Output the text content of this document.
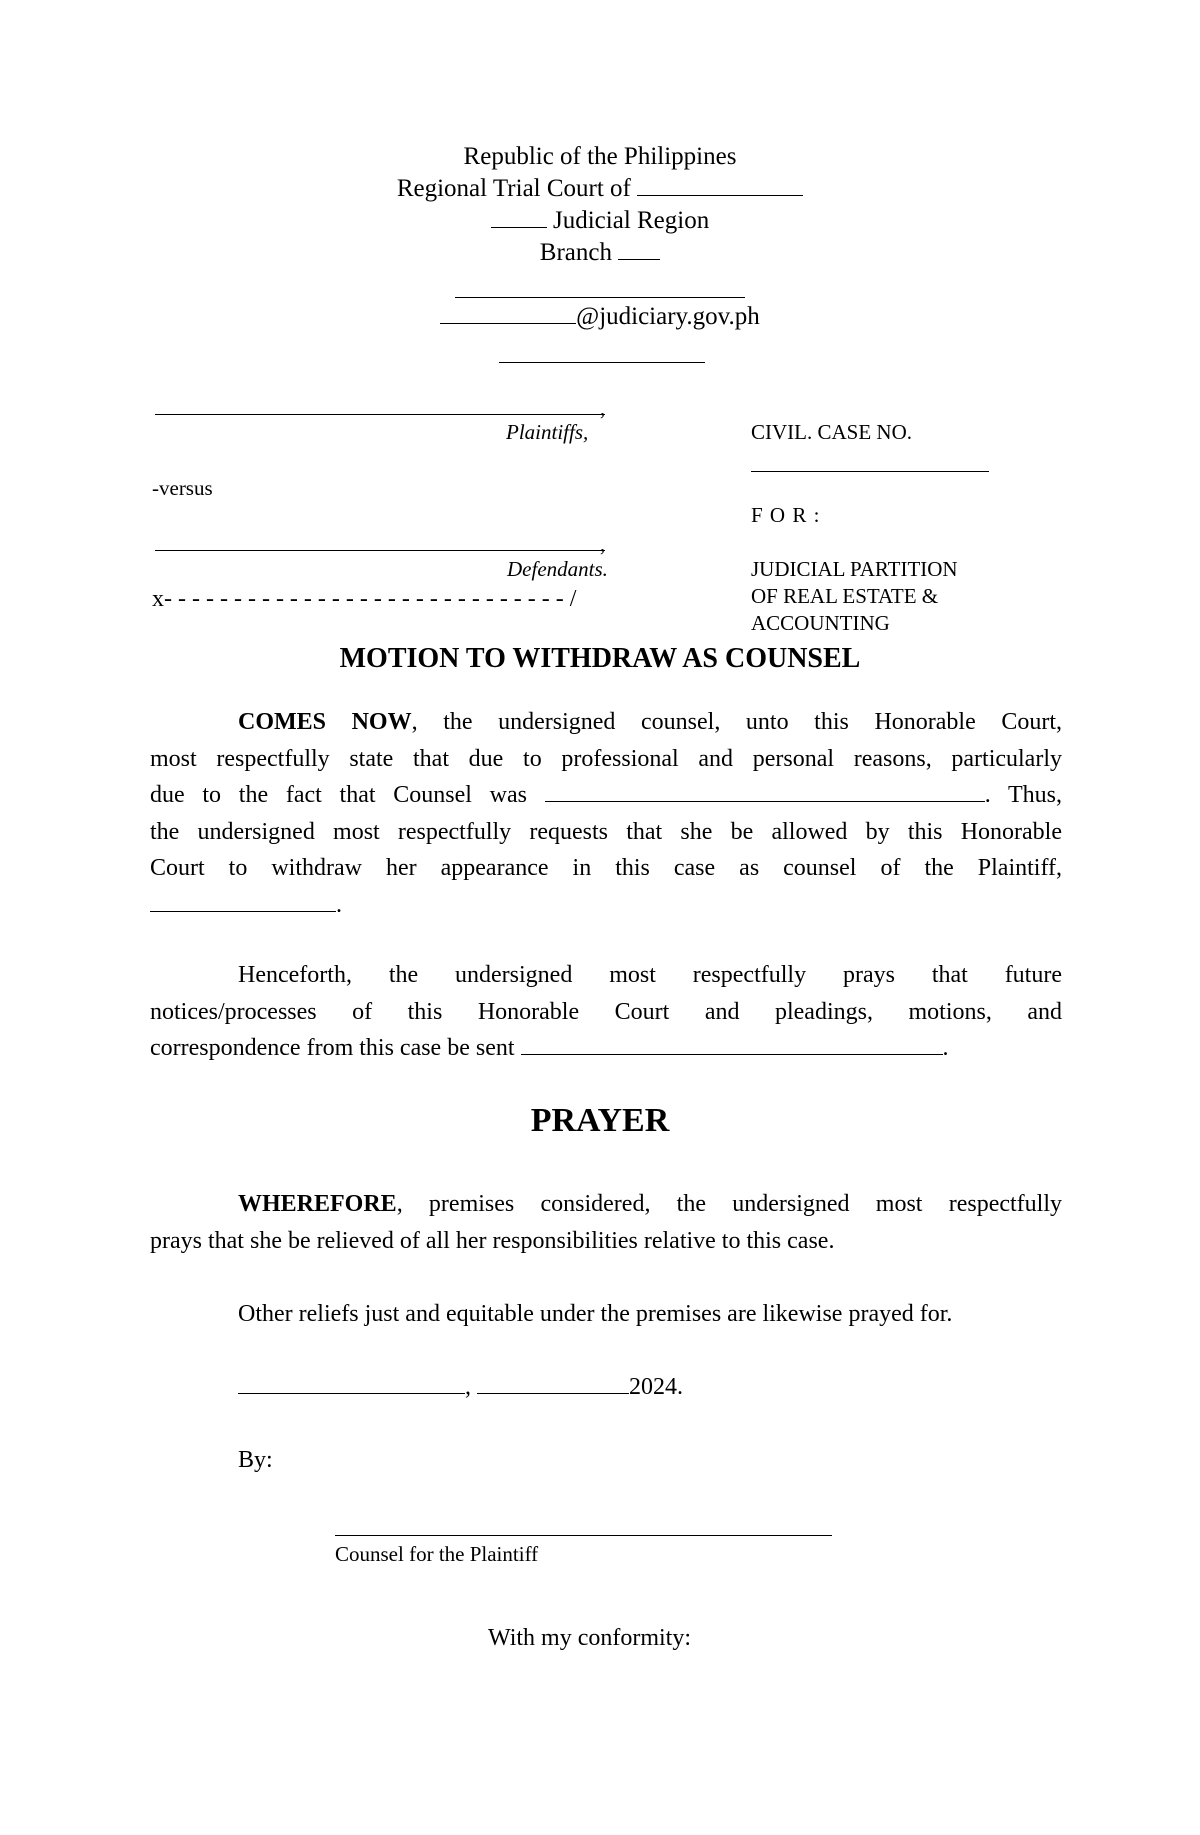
Republic of the Philippines
Regional Trial Court of
Judicial Region
Branch
@judiciary.gov.ph
,
Plaintiffs,
-versus
,
Defendants.
x- - - - - - - - - - - - - - - - - - - - - - - - - - - - - /
CIVIL. CASE NO.
F O R :
JUDICIAL PARTITION
OF REAL ESTATE &
ACCOUNTING
MOTION TO WITHDRAW AS COUNSEL
COMES NOW, the undersigned counsel, unto this Honorable Court,
most respectfully state that due to professional and personal reasons, particularly
due to the fact that Counsel was	. Thus,
the undersigned most respectfully requests that she be allowed by this Honorable
Court to withdraw her appearance in this case as counsel of the Plaintiff,
.
Henceforth, the undersigned most respectfully prays that future
notices/processes of this Honorable Court and pleadings, motions, and
correspondence from this case be sent	.
PRAYER
WHEREFORE, premises considered, the undersigned most respectfully
prays that she be relieved of all her responsibilities relative to this case.
Other reliefs just and equitable under the premises are likewise prayed for.
,	2024.
By:
Counsel for the Plaintiff
With my conformity:
